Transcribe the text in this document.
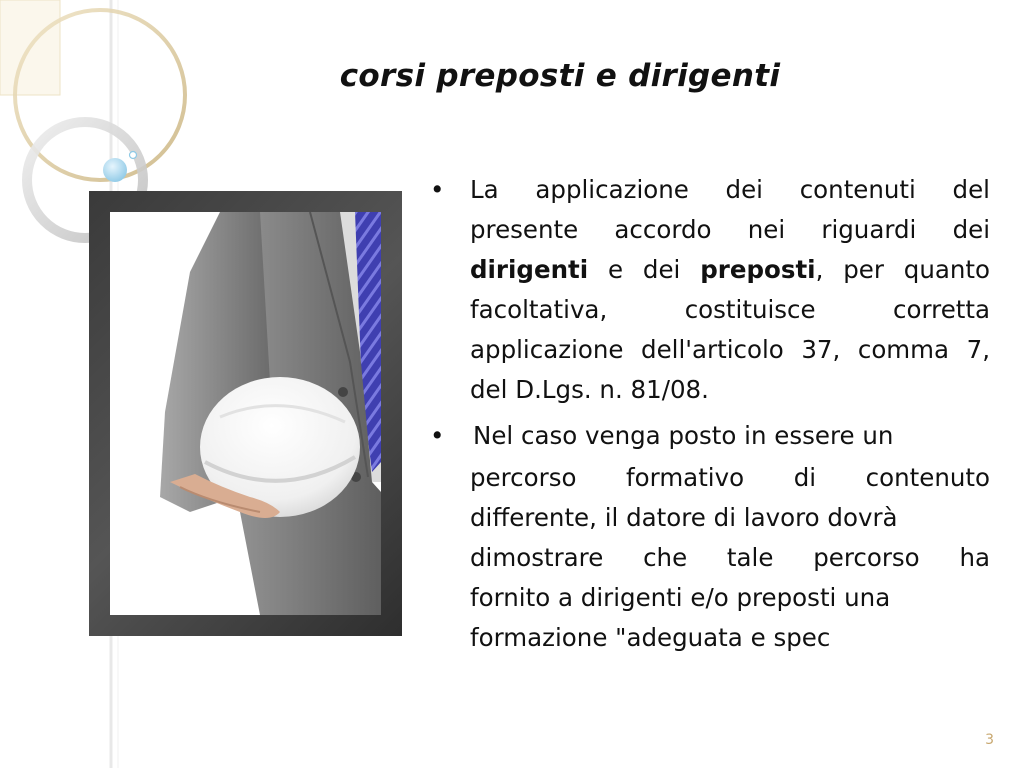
corsi preposti e dirigenti
• La applicazione dei contenuti del presente accordo nei riguardi dei dirigenti e dei preposti, per quanto facoltativa, costituisce corretta applicazione dell'articolo 37, comma 7, del D.Lgs. n. 81/08.
• Nel caso venga posto in essere un
percorso formativo di contenuto
differente, il datore di lavoro dovrà
dimostrare che tale percorso ha
fornito a dirigenti e/o preposti una
formazione "adeguata e spec
3
